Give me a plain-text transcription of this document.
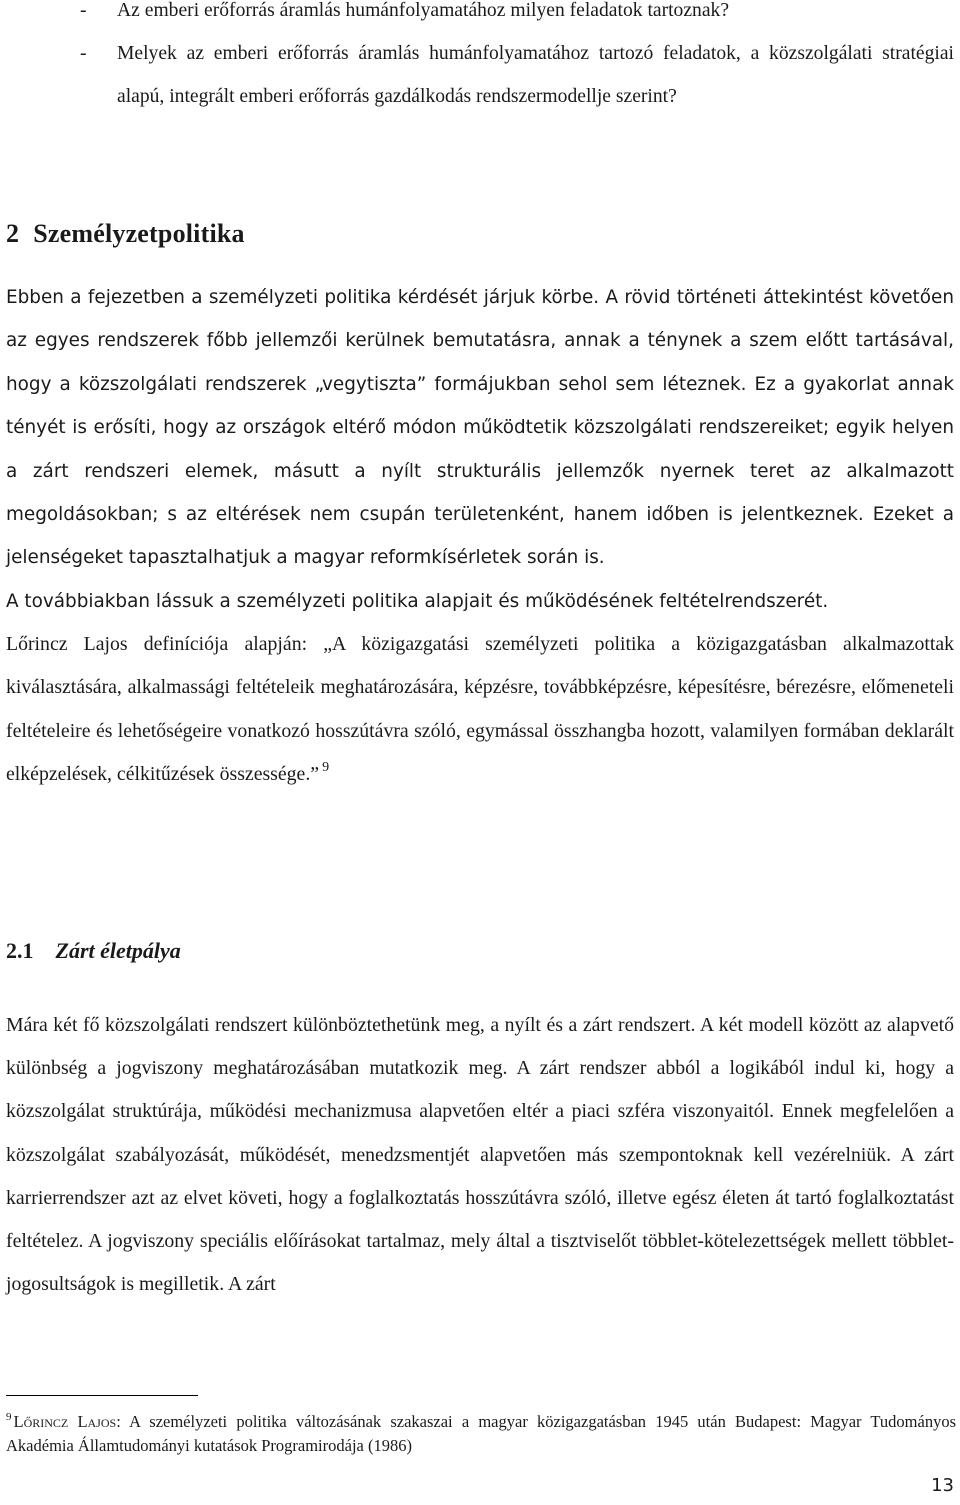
- Az emberi erőforrás áramlás humánfolyamatához milyen feladatok tartoznak?
- Melyek az emberi erőforrás áramlás humánfolyamatához tartozó feladatok, a közszolgálati stratégiai alapú, integrált emberi erőforrás gazdálkodás rendszermodellje szerint?
2 Személyzetpolitika

Ebben a fejezetben a személyzeti politika kérdését járjuk körbe. A rövid történeti áttekintést követően az egyes rendszerek főbb jellemzői kerülnek bemutatásra, annak a ténynek a szem előtt tartásával, hogy a közszolgálati rendszerek „vegytiszta” formájukban sehol sem léteznek. Ez a gyakorlat annak tényét is erősíti, hogy az országok eltérő módon működtetik közszolgálati rendszereiket; egyik helyen a zárt rendszeri elemek, másutt a nyílt strukturális jellemzők nyernek teret az alkalmazott megoldásokban; s az eltérések nem csupán területenként, hanem időben is jelentkeznek. Ezeket a jelenségeket tapasztalhatjuk a magyar reformkísérletek során is.

A továbbiakban lássuk a személyzeti politika alapjait és működésének feltételrendszerét.

Lőrincz Lajos definíciója alapján: „A közigazgatási személyzeti politika a közigazgatásban alkalmazottak kiválasztására, alkalmassági feltételeik meghatározására, képzésre, továbbképzésre, képesítésre, bérezésre, előmeneteli feltételeire és lehetőségeire vonatkozó hosszútávra szóló, egymással összhangba hozott, valamilyen formában deklarált elképzelések, célkitűzések összessége.” $^9$

2.1 Zárt életpálya

Mára két fő közszolgálati rendszert különböztethetünk meg, a nyílt és a zárt rendszert. A két modell között az alapvető különbség a jogviszony meghatározásában mutatkozik meg. A zárt rendszer abból a logikából indul ki, hogy a közszolgálat struktúrája, működési mechanizmusa alapvetően eltér a piaci szféra viszonyaitól. Ennek megfelelően a közszolgálat szabályozását, működését, menedzsmentjét alapvetően más szempontoknak kell vezérelniük. A zárt karrierrendszer azt az elvet követi, hogy a foglalkoztatás hosszútávra szóló, illetve egész életen át tartó foglalkoztatást feltételez. A jogviszony speciális előírásokat tartalmaz, mely által a tisztviselőt többlet-kötelezettségek mellett többlet-jogosultságok is megilletik. A zárt

$^9$ Lőrincz Lajos: A személyzeti politika változásának szakaszai a magyar közigazgatásban 1945 után Budapest: Magyar Tudományos Akadémia Államtudományi kutatások Programirodája (1986)

13
